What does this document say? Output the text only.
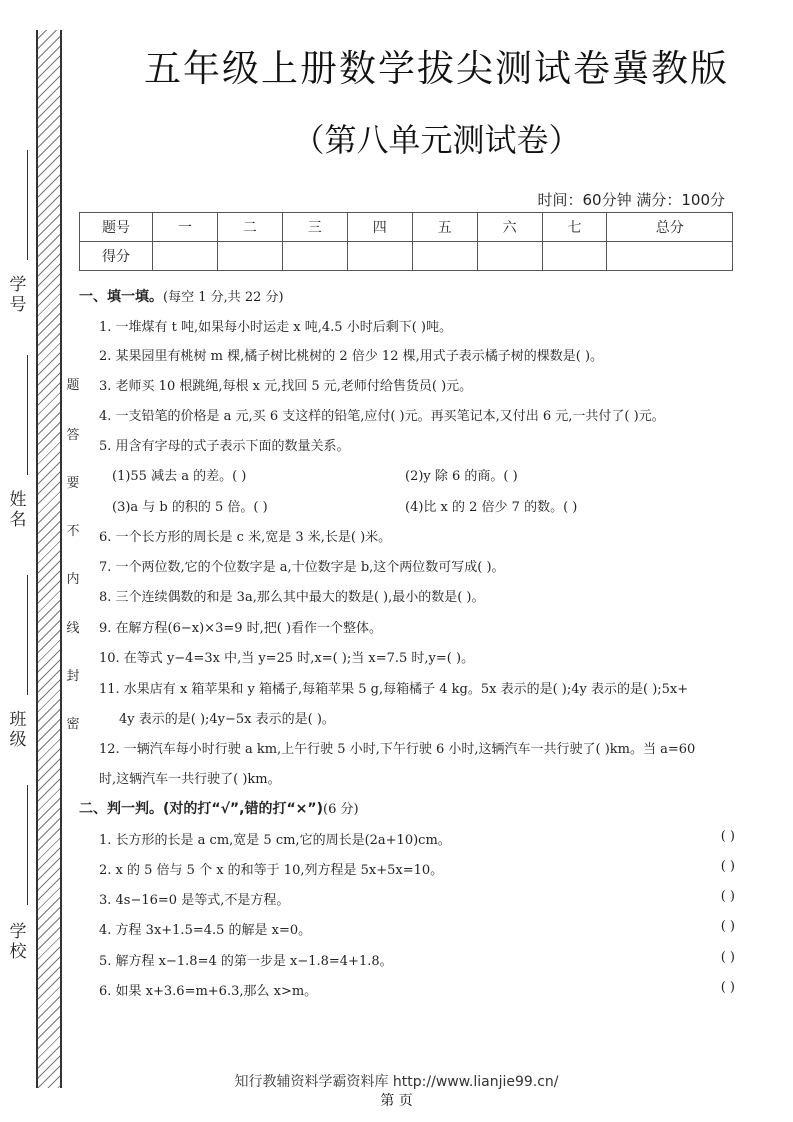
学号
姓名
班级
学校
题
答
要
不
内
线
封
密
五年级上册数学拔尖测试卷冀教版
（第八单元测试卷）
时间：60分钟 满分：100分
题号	一	二	三	四	五	六	七	总分
得分								
一、填一填。(每空 1 分,共 22 分)
1. 一堆煤有 t 吨,如果每小时运走 x 吨,4.5 小时后剩下( )吨。
2. 某果园里有桃树 m 棵,橘子树比桃树的 2 倍少 12 棵,用式子表示橘子树的棵数是( )。
3. 老师买 10 根跳绳,每根 x 元,找回 5 元,老师付给售货员( )元。
4. 一支铅笔的价格是 a 元,买 6 支这样的铅笔,应付( )元。再买笔记本,又付出 6 元,一共付了( )元。
5. 用含有字母的式子表示下面的数量关系。
(1)55 减去 a 的差。( )	(2)y 除 6 的商。( )
(3)a 与 b 的积的 5 倍。( )	(4)比 x 的 2 倍少 7 的数。( )
6. 一个长方形的周长是 c 米,宽是 3 米,长是( )米。
7. 一个两位数,它的个位数字是 a,十位数字是 b,这个两位数可写成( )。
8. 三个连续偶数的和是 3a,那么其中最大的数是( ),最小的数是( )。
9. 在解方程(6−x)×3=9 时,把( )看作一个整体。
10. 在等式 y−4=3x 中,当 y=25 时,x=( );当 x=7.5 时,y=( )。
11. 水果店有 x 箱苹果和 y 箱橘子,每箱苹果 5 g,每箱橘子 4 kg。5x 表示的是( );4y 表示的是( );5x+
4y 表示的是( );4y−5x 表示的是( )。
12. 一辆汽车每小时行驶 a km,上午行驶 5 小时,下午行驶 6 小时,这辆汽车一共行驶了( )km。当 a=60
时,这辆汽车一共行驶了( )km。
二、判一判。(对的打“√”,错的打“×”)(6 分)
1. 长方形的长是 a cm,宽是 5 cm,它的周长是(2a+10)cm。	( )
2. x 的 5 倍与 5 个 x 的和等于 10,列方程是 5x+5x=10。	( )
3. 4s−16=0 是等式,不是方程。	( )
4. 方程 3x+1.5=4.5 的解是 x=0。	( )
5. 解方程 x−1.8=4 的第一步是 x−1.8=4+1.8。	( )
6. 如果 x+3.6=m+6.3,那么 x>m。	( )
知行教辅资料学霸资料库 http://www.lianjie99.cn/
第 页
